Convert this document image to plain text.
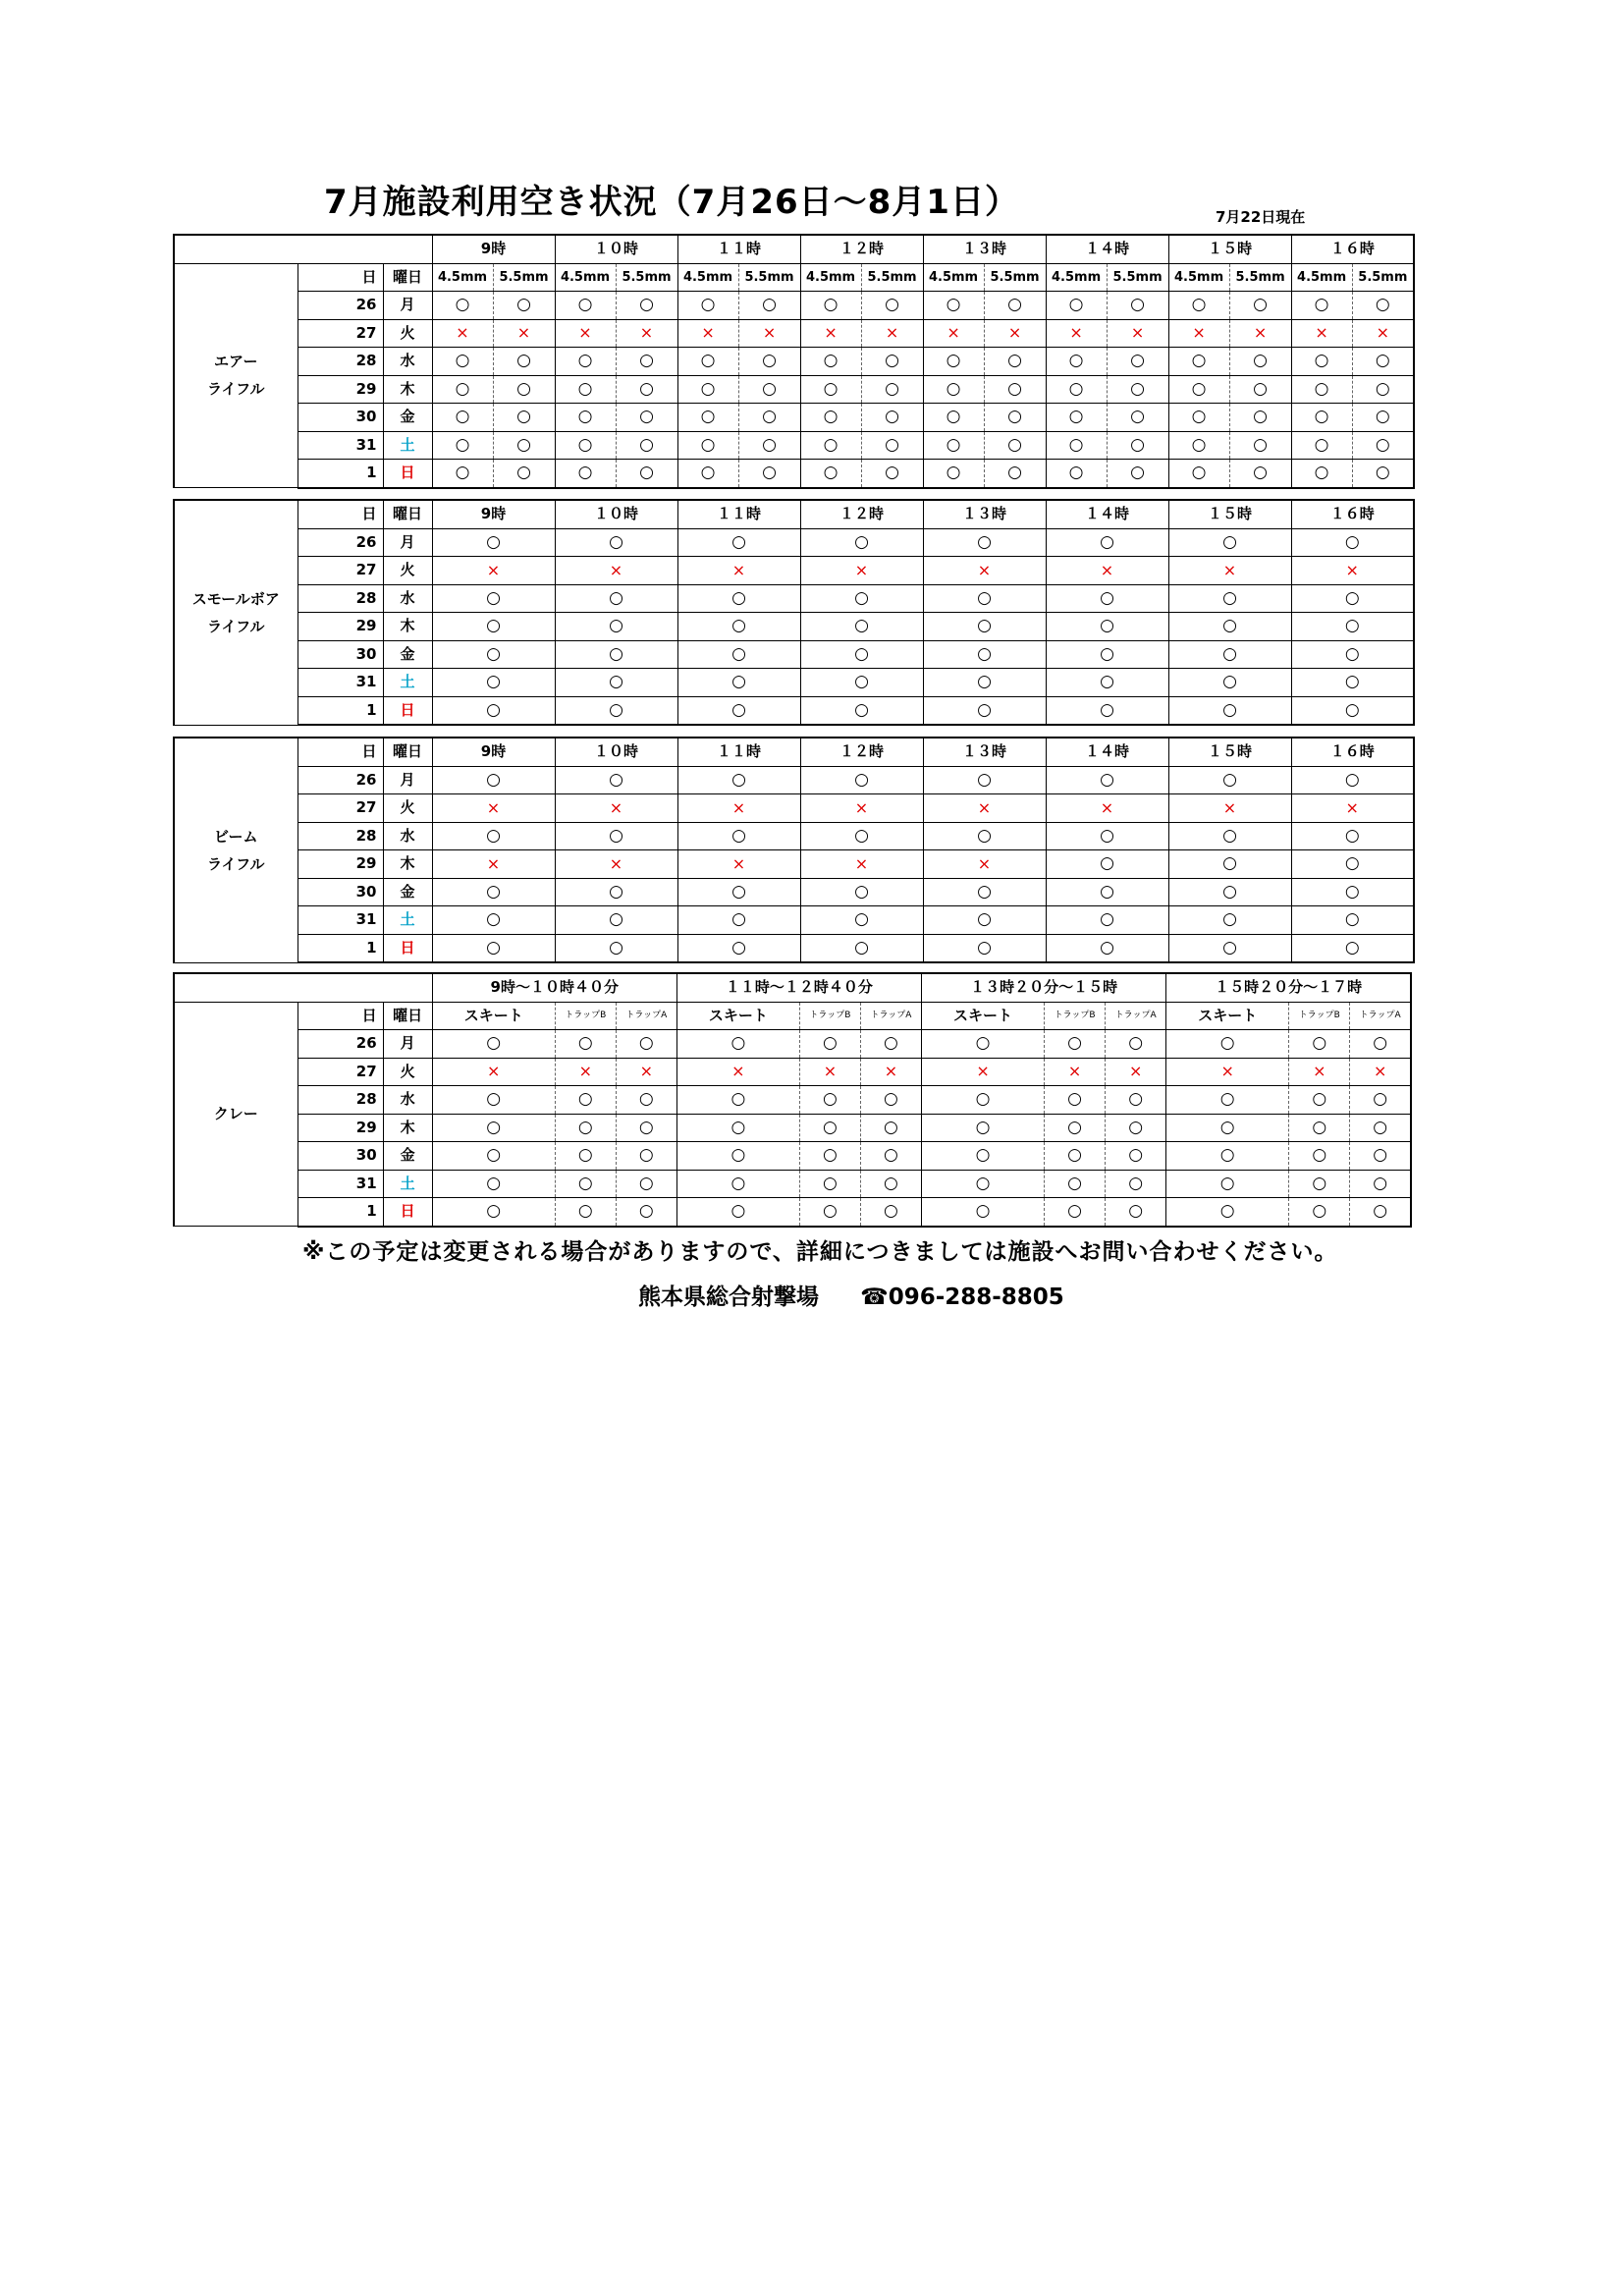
7月施設利用空き状況（7月26日～8月1日）	7月22日現在
			9時		１０時		１１時		１２時		１３時		１４時		１５時		１６時	

エアー
ライフル	日	曜日	4.5mm	5.5mm	4.5mm	5.5mm	4.5mm	5.5mm	4.5mm	5.5mm	4.5mm	5.5mm	4.5mm	5.5mm	4.5mm	5.5mm	4.5mm	5.5mm
	26	月	○	○	○	○	○	○	○	○	○	○	○	○	○	○	○	○
	27	火	×	×	×	×	×	×	×	×	×	×	×	×	×	×	×	×
	28	水	○	○	○	○	○	○	○	○	○	○	○	○	○	○	○	○
	29	木	○	○	○	○	○	○	○	○	○	○	○	○	○	○	○	○
	30	金	○	○	○	○	○	○	○	○	○	○	○	○	○	○	○	○
	31	土	○	○	○	○	○	○	○	○	○	○	○	○	○	○	○	○
	1	日	○	○	○	○	○	○	○	○	○	○	○	○	○	○	○	○
スモールボア
ライフル	日	曜日	9時	１０時	１１時	１２時	１３時	１４時	１５時	１６時
	26	月	○	○	○	○	○	○	○	○
	27	火	×	×	×	×	×	×	×	×
	28	水	○	○	○	○	○	○	○	○
	29	木	○	○	○	○	○	○	○	○
	30	金	○	○	○	○	○	○	○	○
	31	土	○	○	○	○	○	○	○	○
	1	日	○	○	○	○	○	○	○	○
ビーム
ライフル	日	曜日	9時	１０時	１１時	１２時	１３時	１４時	１５時	１６時
	26	月	○	○	○	○	○	○	○	○
	27	火	×	×	×	×	×	×	×	×
	28	水	○	○	○	○	○	○	○	○
	29	木	×	×	×	×	×	○	○	○
	30	金	○	○	○	○	○	○	○	○
	31	土	○	○	○	○	○	○	○	○
	1	日	○	○	○	○	○	○	○	○
			9時～１０時４０分			１１時～１２時４０分			１３時２０分～１５時			１５時２０分～１７時		

クレー	日	曜日	スキート	トラップB	トラップA	スキート	トラップB	トラップA	スキート	トラップB	トラップA	スキート	トラップB	トラップA
	26	月	○	○	○	○	○	○	○	○	○	○	○	○
	27	火	×	×	×	×	×	×	×	×	×	×	×	×
	28	水	○	○	○	○	○	○	○	○	○	○	○	○
	29	木	○	○	○	○	○	○	○	○	○	○	○	○
	30	金	○	○	○	○	○	○	○	○	○	○	○	○
	31	土	○	○	○	○	○	○	○	○	○	○	○	○
	1	日	○	○	○	○	○	○	○	○	○	○	○	○
※この予定は変更される場合がありますので、詳細につきましては施設へお問い合わせください。
熊本県総合射撃場 ☎096-288-8805
